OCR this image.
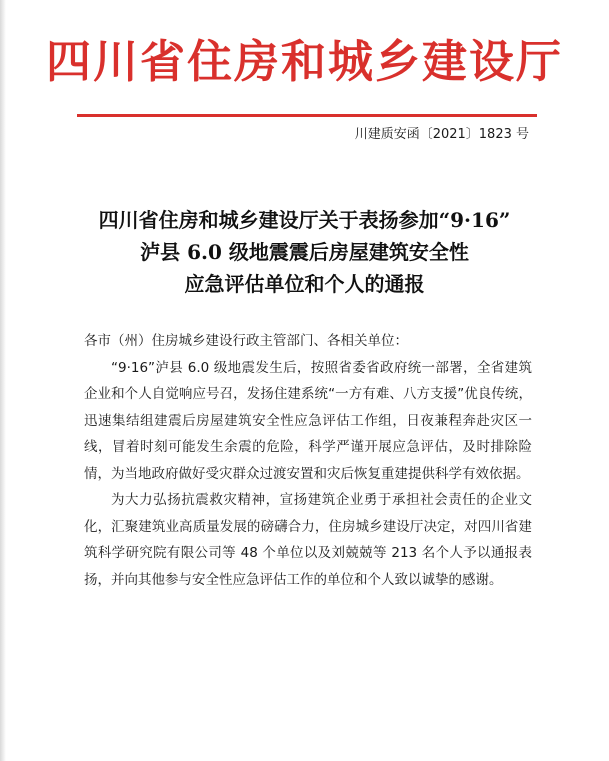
四川省住房和城乡建设厅
川建质安函〔2021〕1823 号
四川省住房和城乡建设厅关于表扬参加“9·16”
泸县 6.0 级地震震后房屋建筑安全性
应急评估单位和个人的通报

各市（州）住房城乡建设行政主管部门、各相关单位：

“9·16”泸县 6.0 级地震发生后，按照省委省政府统一部署，全省建筑企业和个人自觉响应号召，发扬住建系统“一方有难、八方支援”优良传统，迅速集结组建震后房屋建筑安全性应急评估工作组，日夜兼程奔赴灾区一线，冒着时刻可能发生余震的危险，科学严谨开展应急评估，及时排除险情，为当地政府做好受灾群众过渡安置和灾后恢复重建提供科学有效依据。

为大力弘扬抗震救灾精神，宣扬建筑企业勇于承担社会责任的企业文化，汇聚建筑业高质量发展的磅礴合力，住房城乡建设厅决定，对四川省建筑科学研究院有限公司等 48 个单位以及刘兢兢等 213 名个人予以通报表扬，并向其他参与安全性应急评估工作的单位和个人致以诚挚的感谢。
